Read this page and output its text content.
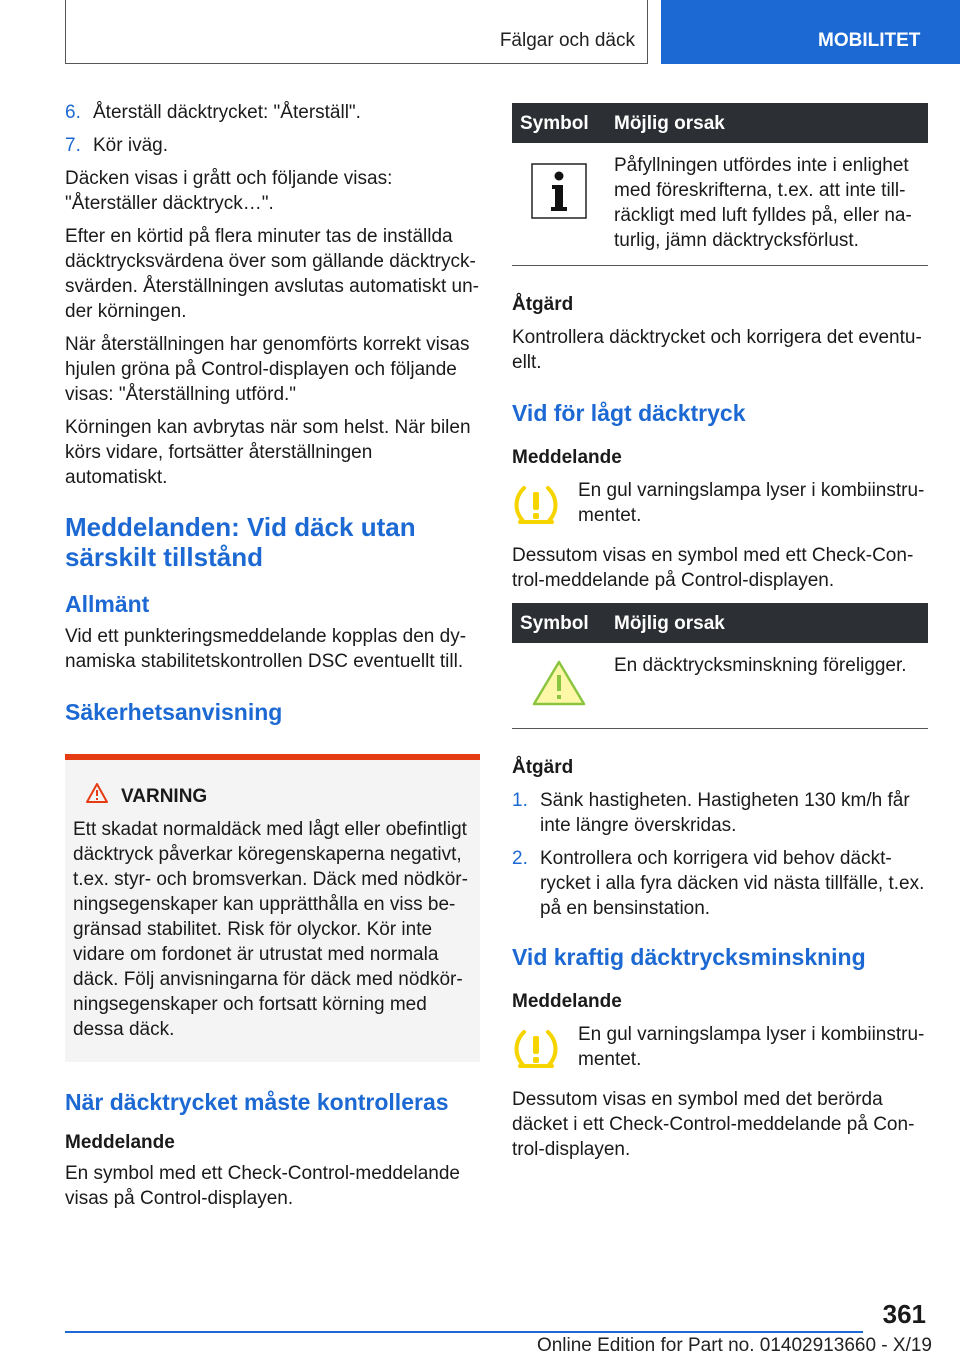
Fälgar och däck	MOBILITET
6. Återställ däcktrycket: "Återställ".
7. Kör iväg.

Däcken visas i grått och följande visas: "Återställer däcktryck…".

Efter en körtid på flera minuter tas de inställda däcktrycksvärdena över som gällande däcktrycksvärden. Återställningen avslutas automatiskt under körningen.

När återställningen har genomförts korrekt visas hjulen gröna på Control-displayen och följande visas: "Återställning utförd."

Körningen kan avbrytas när som helst. När bilen körs vidare, fortsätter återställningen automatiskt.

Meddelanden: Vid däck utan särskilt tillstånd
Allmänt

Vid ett punkteringsmeddelande kopplas den dynamiska stabilitetskontrollen DSC eventuellt till.

Säkerhetsanvisning
VARNING
Ett skadat normaldäck med lågt eller obefintligt däcktryck påverkar köregenskaperna negativt, t.ex. styr- och bromsverkan. Däck med nödkörningsegenskaper kan upprätthålla en viss begränsad stabilitet. Risk för olyckor. Kör inte vidare om fordonet är utrustat med normala däck. Följ anvisningarna för däck med nödkörningsegenskaper och fortsatt körning med dessa däck.
När däcktrycket måste kontrolleras
Meddelande

En symbol med ett Check-Control-meddelande visas på Control-displayen.

Symbol	Möjlig orsak
	Påfyllningen utfördes inte i enlighet med föreskrifterna, t.ex. att inte tillräckligt med luft fylldes på, eller naturlig, jämn däcktrycksförlust.
Åtgärd

Kontrollera däcktrycket och korrigera det eventuellt.

Vid för lågt däcktryck
Meddelande
En gul varningslampa lyser i kombiinstrumentet.

Dessutom visas en symbol med ett Check-Control-meddelande på Control-displayen.

Symbol	Möjlig orsak
	En däcktrycksminskning föreligger.
Åtgärd
1. Sänk hastigheten. Hastigheten 130 km/h får inte längre överskridas.
2. Kontrollera och korrigera vid behov däcktrycket i alla fyra däcken vid nästa tillfälle, t.ex. på en bensinstation.
Vid kraftig däcktrycksminskning
Meddelande
En gul varningslampa lyser i kombiinstrumentet.

Dessutom visas en symbol med det berörda däcket i ett Check-Control-meddelande på Control-displayen.

361
Online Edition for Part no. 01402913660 - X/19
